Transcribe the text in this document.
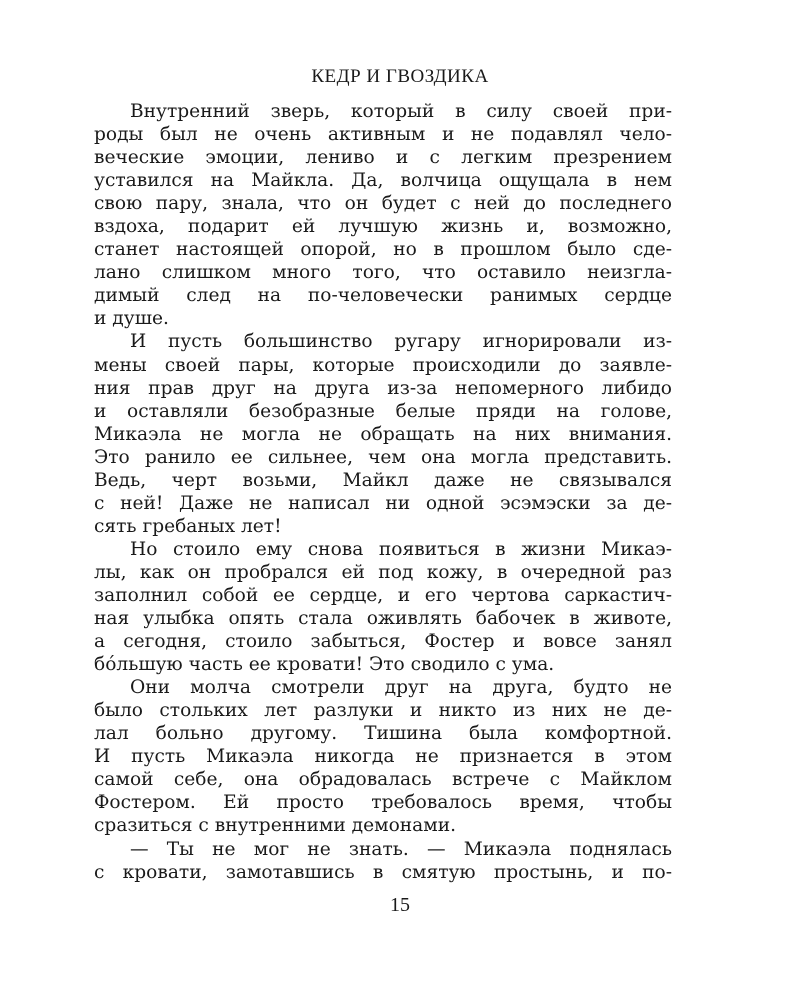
КЕДР И ГВОЗДИКА
Внутренний зверь, который в силу своей при-
роды был не очень активным и не подавлял чело-
веческие эмоции, лениво и с легким презрением
уставился на Майкла. Да, волчица ощущала в нем
свою пару, знала, что он будет с ней до последнего
вздоха, подарит ей лучшую жизнь и, возможно,
станет настоящей опорой, но в прошлом было сде-
лано слишком много того, что оставило неизгла-
димый след на по-человечески ранимых сердце
и душе.
И пусть большинство ругару игнорировали из-
мены своей пары, которые происходили до заявле-
ния прав друг на друга из-за непомерного либидо
и оставляли безобразные белые пряди на голове,
Микаэла не могла не обращать на них внимания.
Это ранило ее сильнее, чем она могла представить.
Ведь, черт возьми, Майкл даже не связывался
с ней! Даже не написал ни одной эсэмэски за де-
сять гребаных лет!
Но стоило ему снова появиться в жизни Микаэ-
лы, как он пробрался ей под кожу, в очередной раз
заполнил собой ее сердце, и его чертова саркастич-
ная улыбка опять стала оживлять бабочек в животе,
а сегодня, стоило забыться, Фостер и вовсе занял
бóльшую часть ее кровати! Это сводило с ума.
Они молча смотрели друг на друга, будто не
было стольких лет разлуки и никто из них не де-
лал больно другому. Тишина была комфортной.
И пусть Микаэла никогда не признается в этом
самой себе, она обрадовалась встрече с Майклом
Фостером. Ей просто требовалось время, чтобы
сразиться с внутренними демонами.
— Ты не мог не знать. — Микаэла поднялась
с кровати, замотавшись в смятую простынь, и по-
15
